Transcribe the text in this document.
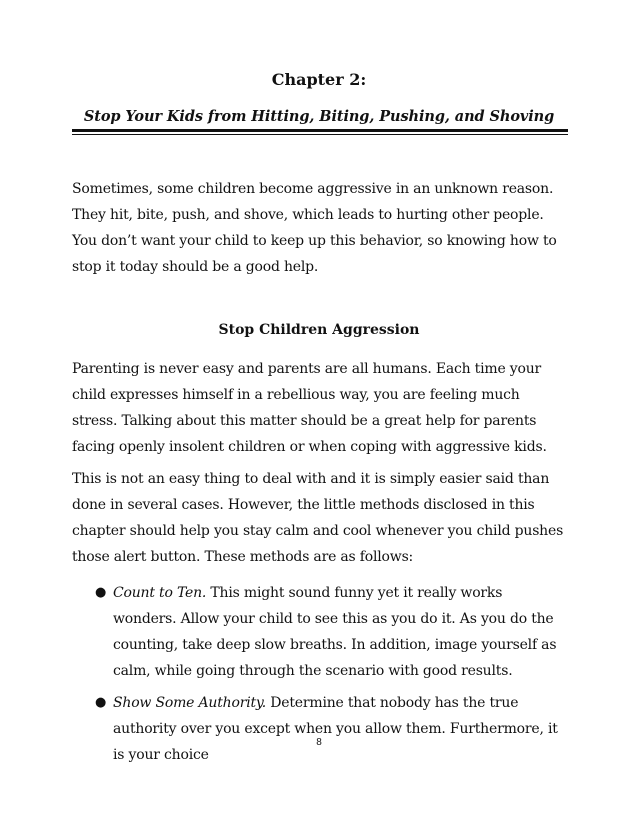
Chapter 2:
Stop Your Kids from Hitting, Biting, Pushing, and Shoving

Sometimes, some children become aggressive in an unknown reason. They hit, bite, push, and shove, which leads to hurting other people. You don’t want your child to keep up this behavior, so knowing how to stop it today should be a good help.

Stop Children Aggression

Parenting is never easy and parents are all humans. Each time your child expresses himself in a rebellious way, you are feeling much stress. Talking about this matter should be a great help for parents facing openly insolent children or when coping with aggressive kids.

This is not an easy thing to deal with and it is simply easier said than done in several cases. However, the little methods disclosed in this chapter should help you stay calm and cool whenever you child pushes those alert button. These methods are as follows:

● Count to Ten. This might sound funny yet it really works wonders. Allow your child to see this as you do it. As you do the counting, take deep slow breaths. In addition, image yourself as calm, while going through the scenario with good results.

● Show Some Authority. Determine that nobody has the true authority over you except when you allow them. Furthermore, it is your choice

8
